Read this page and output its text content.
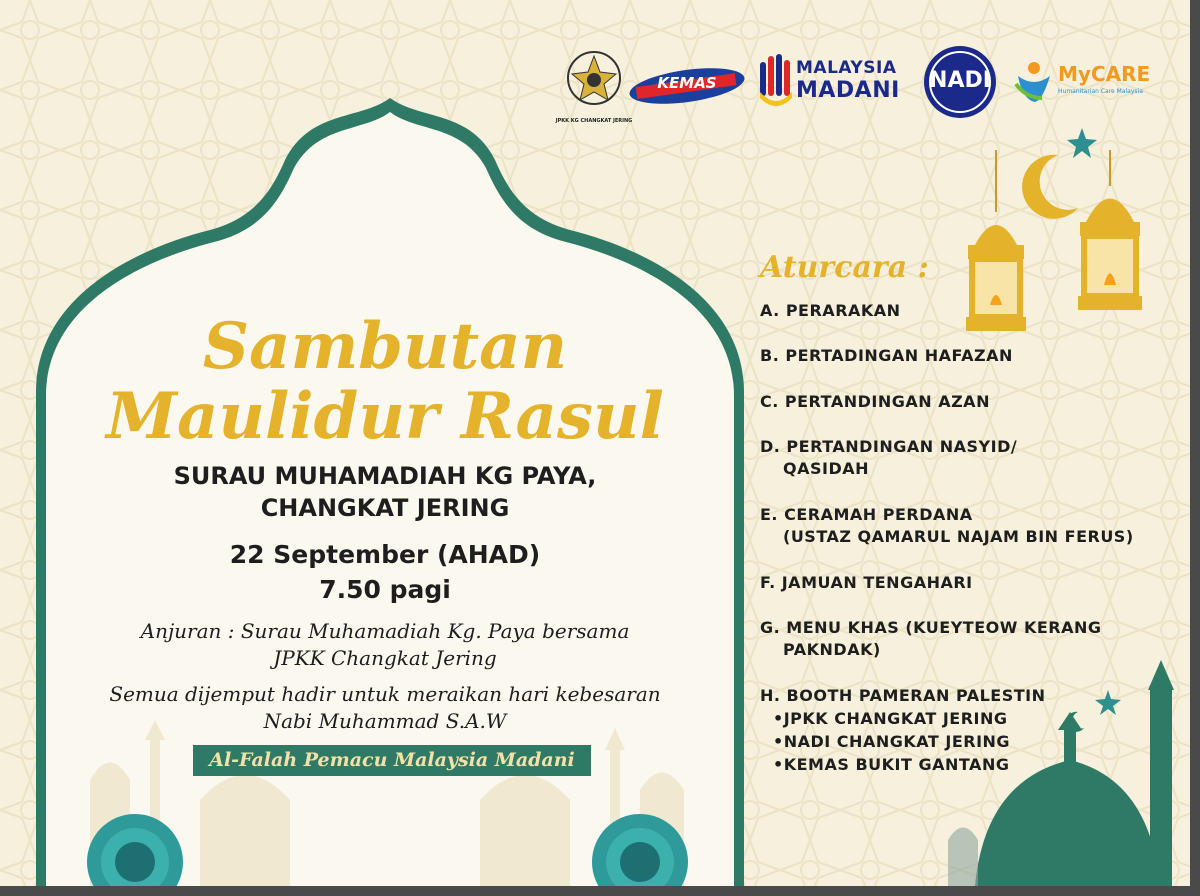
JPKK KG CHANGKAT JERING
KEMAS
MALAYSIA
MADANI	NADI	MyCARE
Humanitarian Care Malaysia
Sambutan
Maulidur Rasul
SURAU MUHAMADIAH KG PAYA,
CHANGKAT JERING
22 September (AHAD)
7.50 pagi
Anjuran : Surau Muhamadiah Kg. Paya bersama
JPKK Changkat Jering
Semua dijemput hadir untuk meraikan hari kebesaran
Nabi Muhammad S.A.W
Al-Falah Pemacu Malaysia Madani
Aturcara :
A. PERARAKAN
B. PERTADINGAN HAFAZAN
C. PERTANDINGAN AZAN
D. PERTANDINGAN NASYID/
QASIDAH
E. CERAMAH PERDANA
(USTAZ QAMARUL NAJAM BIN FERUS)
F. JAMUAN TENGAHARI
G. MENU KHAS (KUEYTEOW KERANG
PAKNDAK)
H. BOOTH PAMERAN PALESTIN
•JPKK CHANGKAT JERING
•NADI CHANGKAT JERING
•KEMAS BUKIT GANTANG
